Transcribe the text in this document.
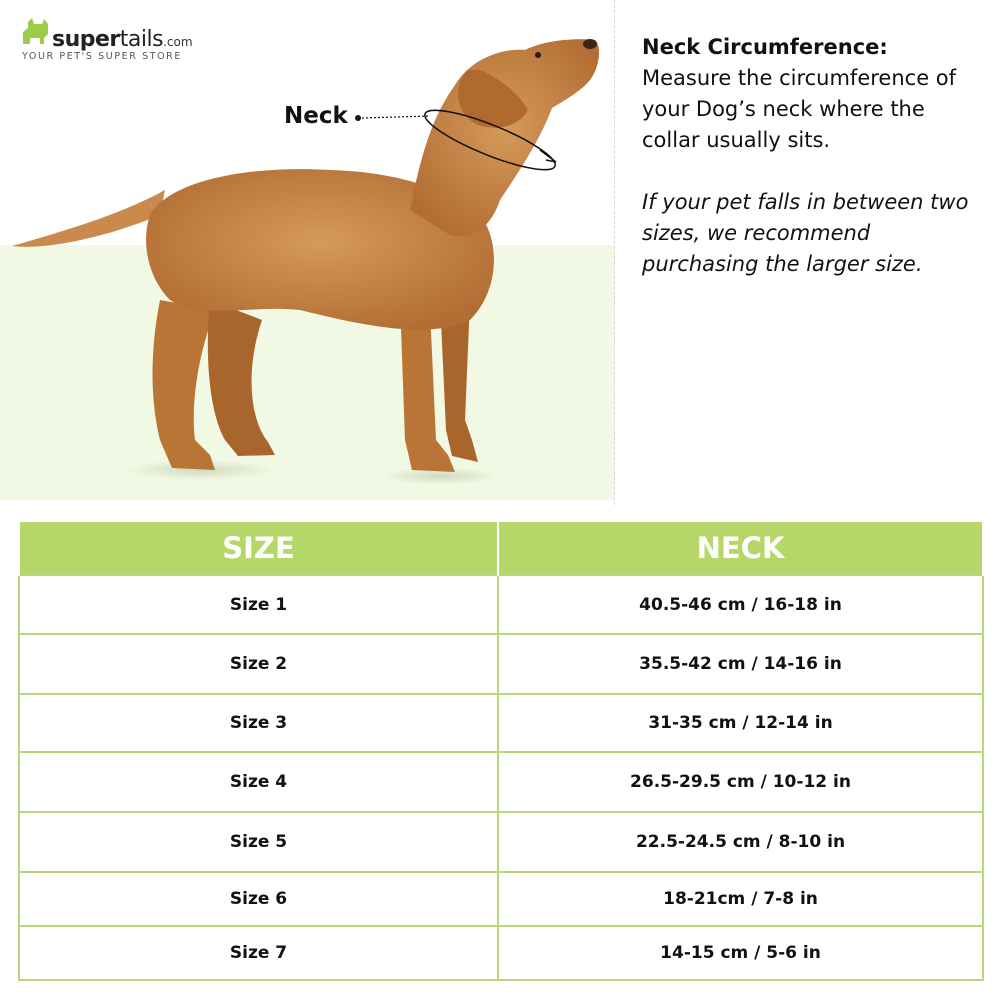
supertails.com
YOUR PET'S SUPER STORE
Neck
Neck Circumference:
Measure the circumference of your Dog’s neck where the collar usually sits.
If your pet falls in between two sizes, we recommend purchasing the larger size.
SIZE	NECK
Size 1	40.5-46 cm / 16-18 in
Size 2	35.5-42 cm / 14-16 in
Size 3	31-35 cm / 12-14 in
Size 4	26.5-29.5 cm / 10-12 in
Size 5	22.5-24.5 cm / 8-10 in
Size 6	18-21cm / 7-8 in
Size 7	14-15 cm / 5-6 in
